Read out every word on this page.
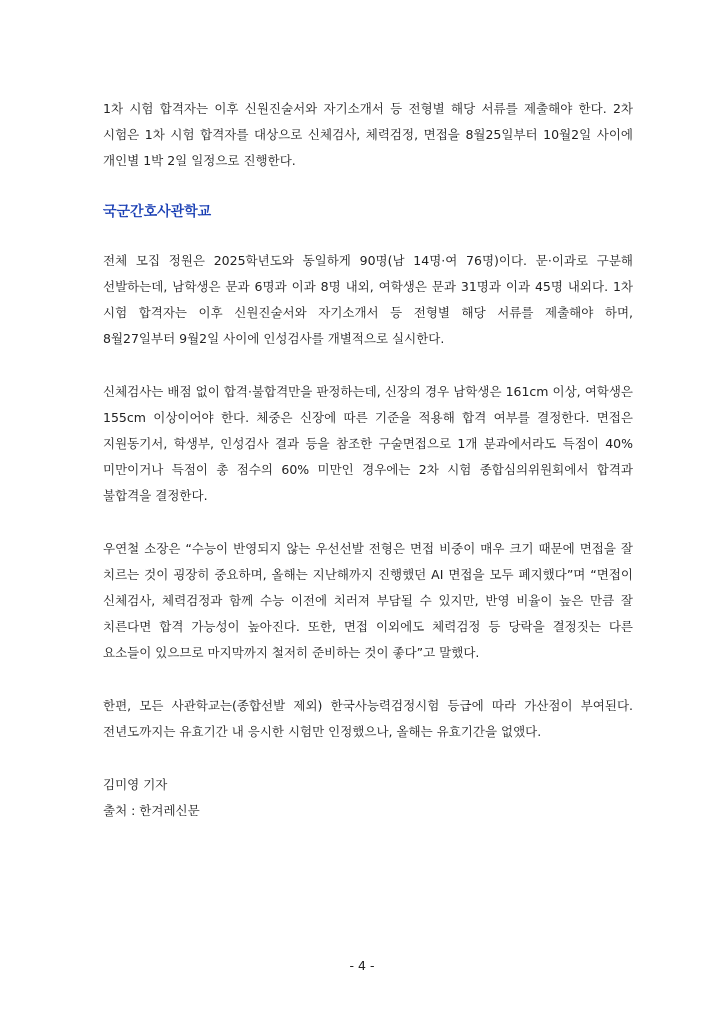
1차 시험 합격자는 이후 신원진술서와 자기소개서 등 전형별 해당 서류를 제출해야 한다. 2차 시험은 1차 시험 합격자를 대상으로 신체검사, 체력검정, 면접을 8월25일부터 10월2일 사이에 개인별 1박 2일 일정으로 진행한다.

국군간호사관학교

전체 모집 정원은 2025학년도와 동일하게 90명(남 14명·여 76명)이다. 문·이과로 구분해 선발하는데, 남학생은 문과 6명과 이과 8명 내외, 여학생은 문과 31명과 이과 45명 내외다. 1차 시험 합격자는 이후 신원진술서와 자기소개서 등 전형별 해당 서류를 제출해야 하며, 8월27일부터 9월2일 사이에 인성검사를 개별적으로 실시한다.

신체검사는 배점 없이 합격·불합격만을 판정하는데, 신장의 경우 남학생은 161cm 이상, 여학생은 155cm 이상이어야 한다. 체중은 신장에 따른 기준을 적용해 합격 여부를 결정한다. 면접은 지원동기서, 학생부, 인성검사 결과 등을 참조한 구술면접으로 1개 분과에서라도 득점이 40% 미만이거나 득점이 총 점수의 60% 미만인 경우에는 2차 시험 종합심의위원회에서 합격과 불합격을 결정한다.

우연철 소장은 “수능이 반영되지 않는 우선선발 전형은 면접 비중이 매우 크기 때문에 면접을 잘 치르는 것이 굉장히 중요하며, 올해는 지난해까지 진행했던 AI 면접을 모두 폐지했다”며 “면접이 신체검사, 체력검정과 함께 수능 이전에 치러져 부담될 수 있지만, 반영 비율이 높은 만큼 잘 치른다면 합격 가능성이 높아진다. 또한, 면접 이외에도 체력검정 등 당락을 결정짓는 다른 요소들이 있으므로 마지막까지 철저히 준비하는 것이 좋다”고 말했다.

한편, 모든 사관학교는(종합선발 제외) 한국사능력검정시험 등급에 따라 가산점이 부여된다. 전년도까지는 유효기간 내 응시한 시험만 인정했으나, 올해는 유효기간을 없앴다.

김미영 기자

출처 : 한겨레신문

- 4 -
